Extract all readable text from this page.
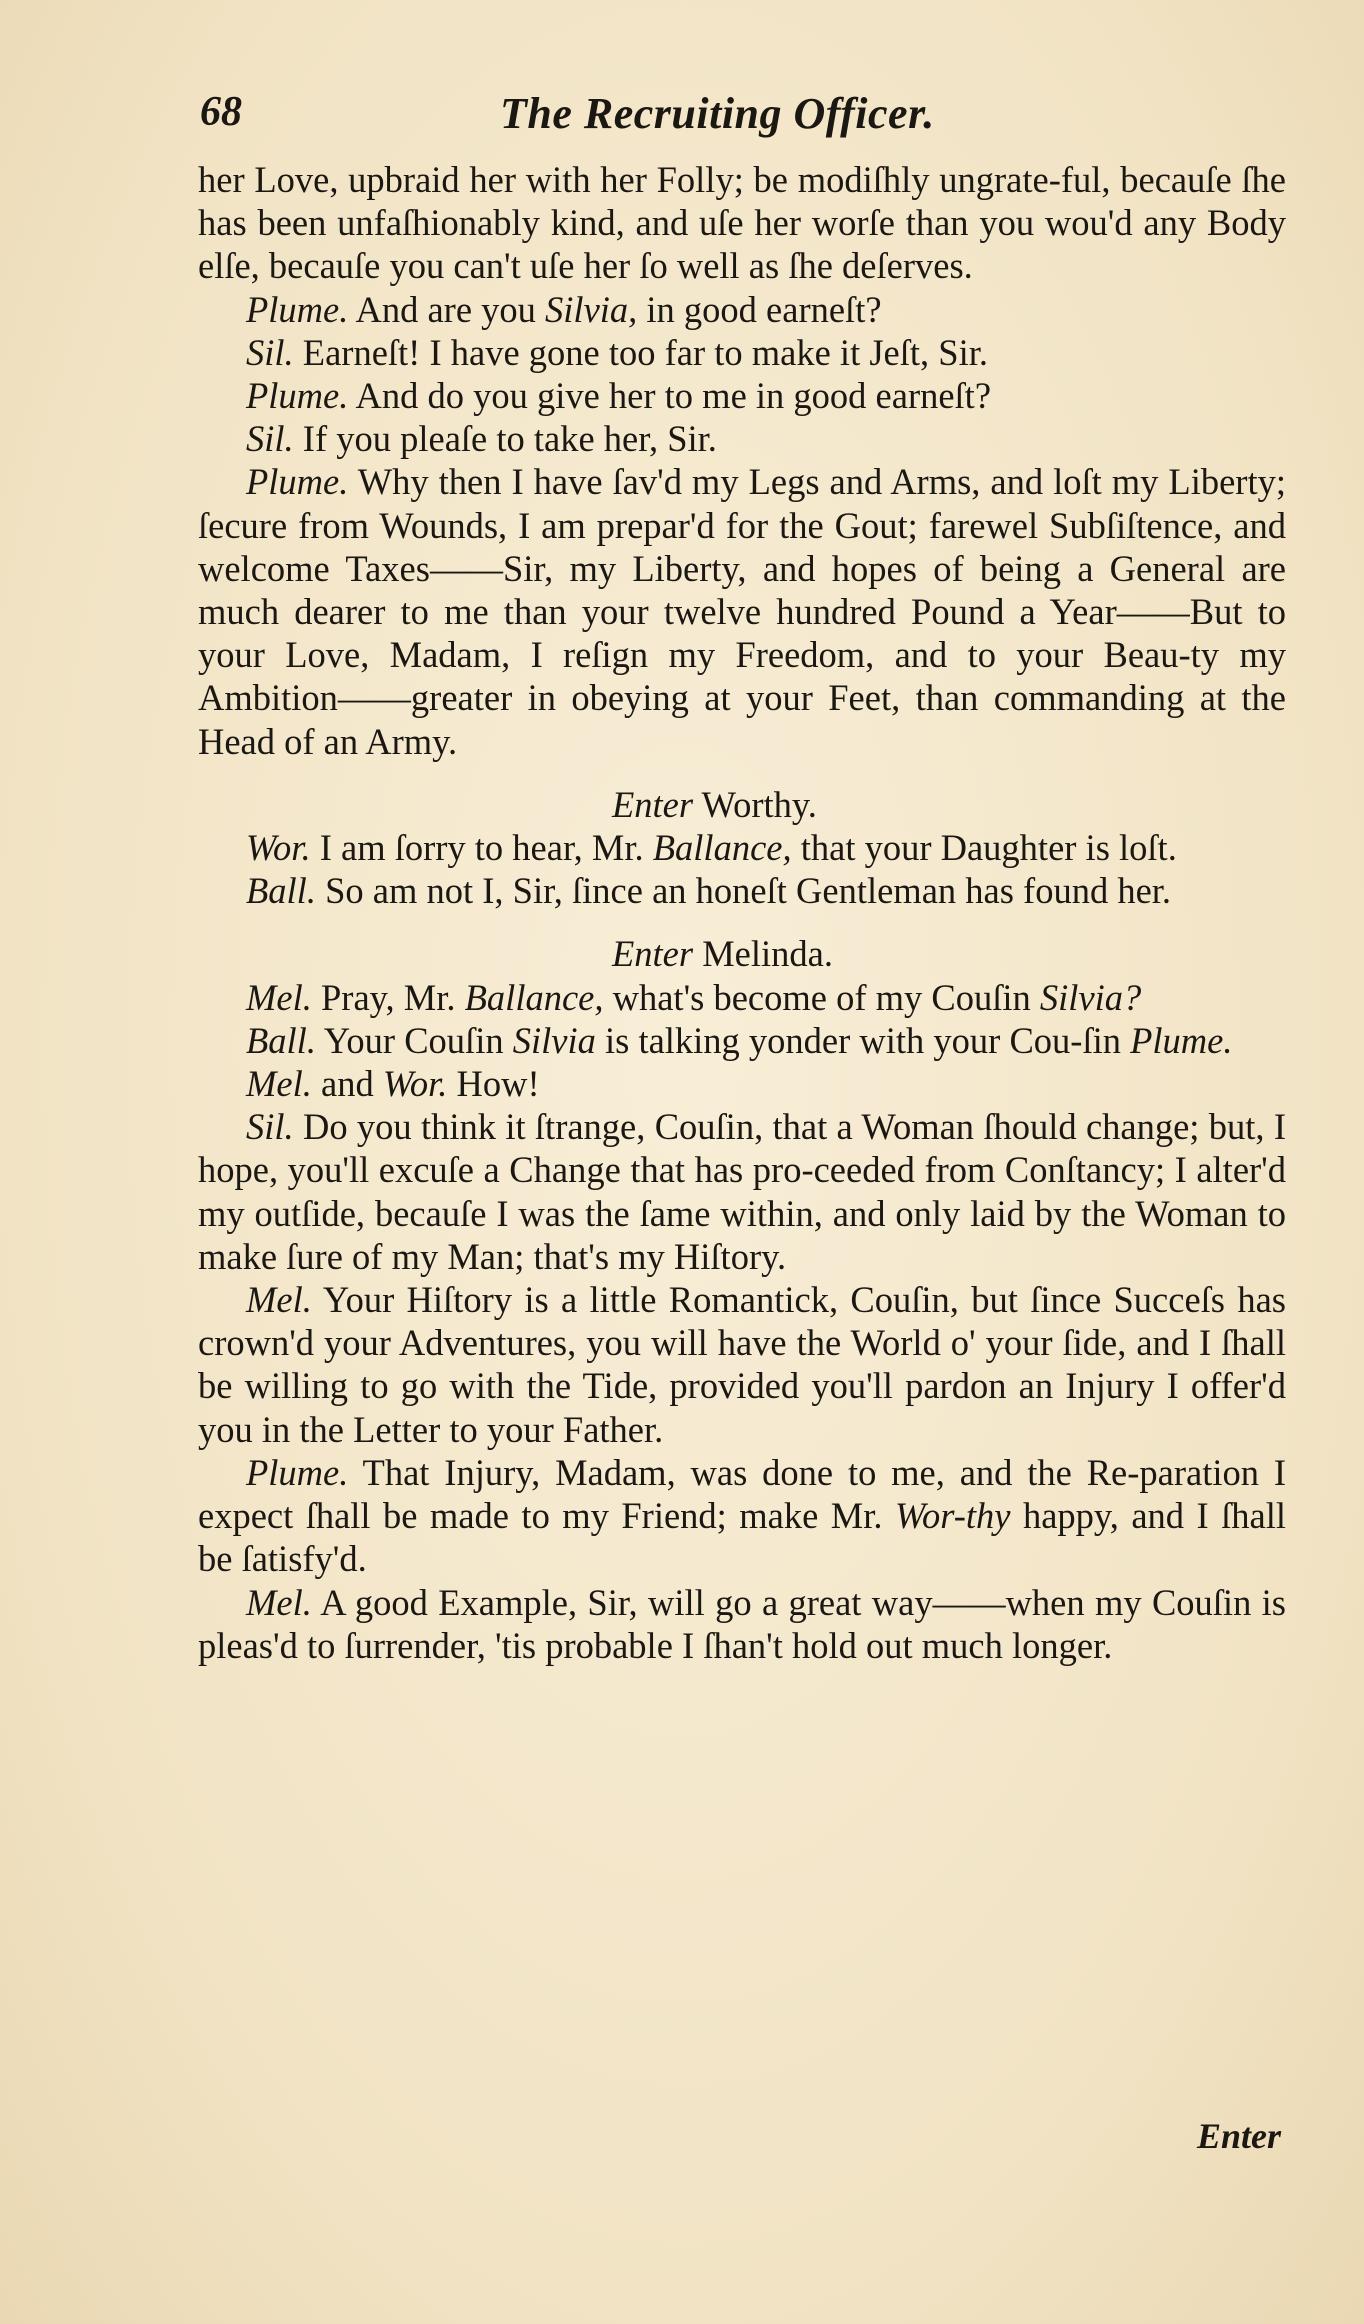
68	The Recruiting Officer.

her Love, upbraid her with her Folly; be modiſhly ungrate-ful, becauſe ſhe has been unfaſhionably kind, and uſe her worſe than you wou'd any Body elſe, becauſe you can't uſe her ſo well as ſhe deſerves.

Plume. And are you Silvia, in good earneſt?

Sil. Earneſt! I have gone too far to make it Jeſt, Sir.

Plume. And do you give her to me in good earneſt?

Sil. If you pleaſe to take her, Sir.

Plume. Why then I have ſav'd my Legs and Arms, and loſt my Liberty; ſecure from Wounds, I am prepar'd for the Gout; farewel Subſiſtence, and welcome Taxes——Sir, my Liberty, and hopes of being a General are much dearer to me than your twelve hundred Pound a Year——But to your Love, Madam, I reſign my Freedom, and to your Beau-ty my Ambition——greater in obeying at your Feet, than commanding at the Head of an Army.

Enter Worthy.

Wor. I am ſorry to hear, Mr. Ballance, that your Daughter is loſt.

Ball. So am not I, Sir, ſince an honeſt Gentleman has found her.

Enter Melinda.

Mel. Pray, Mr. Ballance, what's become of my Couſin Silvia?

Ball. Your Couſin Silvia is talking yonder with your Cou-ſin Plume.

Mel. and Wor. How!

Sil. Do you think it ſtrange, Couſin, that a Woman ſhould change; but, I hope, you'll excuſe a Change that has pro-ceeded from Conſtancy; I alter'd my outſide, becauſe I was the ſame within, and only laid by the Woman to make ſure of my Man; that's my Hiſtory.

Mel. Your Hiſtory is a little Romantick, Couſin, but ſince Succeſs has crown'd your Adventures, you will have the World o' your ſide, and I ſhall be willing to go with the Tide, provided you'll pardon an Injury I offer'd you in the Letter to your Father.

Plume. That Injury, Madam, was done to me, and the Re-paration I expect ſhall be made to my Friend; make Mr. Wor-thy happy, and I ſhall be ſatisfy'd.

Mel. A good Example, Sir, will go a great way——when my Couſin is pleas'd to ſurrender, 'tis probable I ſhan't hold out much longer.

Enter
